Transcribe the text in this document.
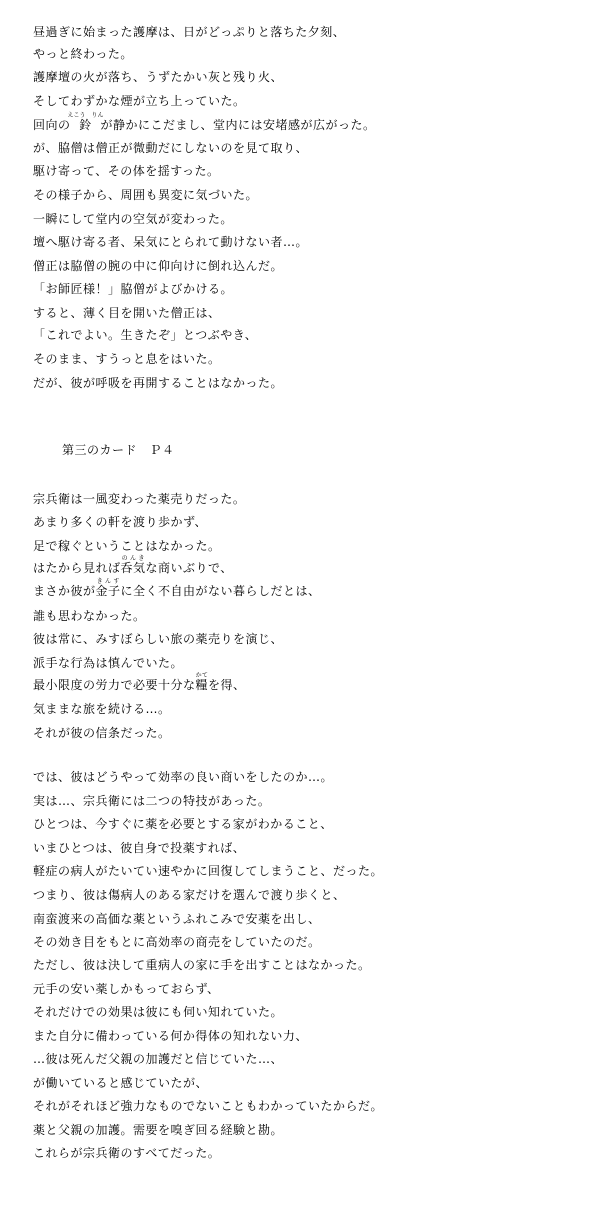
昼過ぎに始まった護摩は、日がどっぷりと落ちた夕刻、
やっと終わった。
護摩壇の火が落ち、うずたかい灰と残り火、
そしてわずかな煙が立ち上っていた。
回向の鈴えこう　りんが静かにこだまし、堂内には安堵感が広がった。
が、脇僧は僧正が微動だにしないのを見て取り、
駆け寄って、その体を揺すった。
その様子から、周囲も異変に気づいた。
一瞬にして堂内の空気が変わった。
壇へ駆け寄る者、呆気にとられて動けない者…。
僧正は脇僧の腕の中に仰向けに倒れ込んだ。
「お師匠様！」脇僧がよびかける。
すると、薄く目を開いた僧正は、
「これでよい。生きたぞ」とつぶやき、
そのまま、すうっと息をはいた。
だが、彼が呼吸を再開することはなかった。
第三のカード　Ｐ４
宗兵衛は一風変わった薬売りだった。
あまり多くの軒を渡り歩かず、
足で稼ぐということはなかった。
はたから見れば呑気のんきな商いぶりで、
まさか彼が金子きんすに全く不自由がない暮らしだとは、
誰も思わなかった。
彼は常に、みすぼらしい旅の薬売りを演じ、
派手な行為は慎んでいた。
最小限度の労力で必要十分な糧かてを得、
気ままな旅を続ける…。
それが彼の信条だった。
では、彼はどうやって効率の良い商いをしたのか…。
実は…、宗兵衛には二つの特技があった。
ひとつは、今すぐに薬を必要とする家がわかること、
いまひとつは、彼自身で投薬すれば、
軽症の病人がたいてい速やかに回復してしまうこと、だった。
つまり、彼は傷病人のある家だけを選んで渡り歩くと、
南蛮渡来の高価な薬というふれこみで安薬を出し、
その効き目をもとに高効率の商売をしていたのだ。
ただし、彼は決して重病人の家に手を出すことはなかった。
元手の安い薬しかもっておらず、
それだけでの効果は彼にも伺い知れていた。
また自分に備わっている何か得体の知れない力、
…彼は死んだ父親の加護だと信じていた…、
が働いていると感じていたが、
それがそれほど強力なものでないこともわかっていたからだ。
薬と父親の加護。需要を嗅ぎ回る経験と勘。
これらが宗兵衛のすべてだった。
